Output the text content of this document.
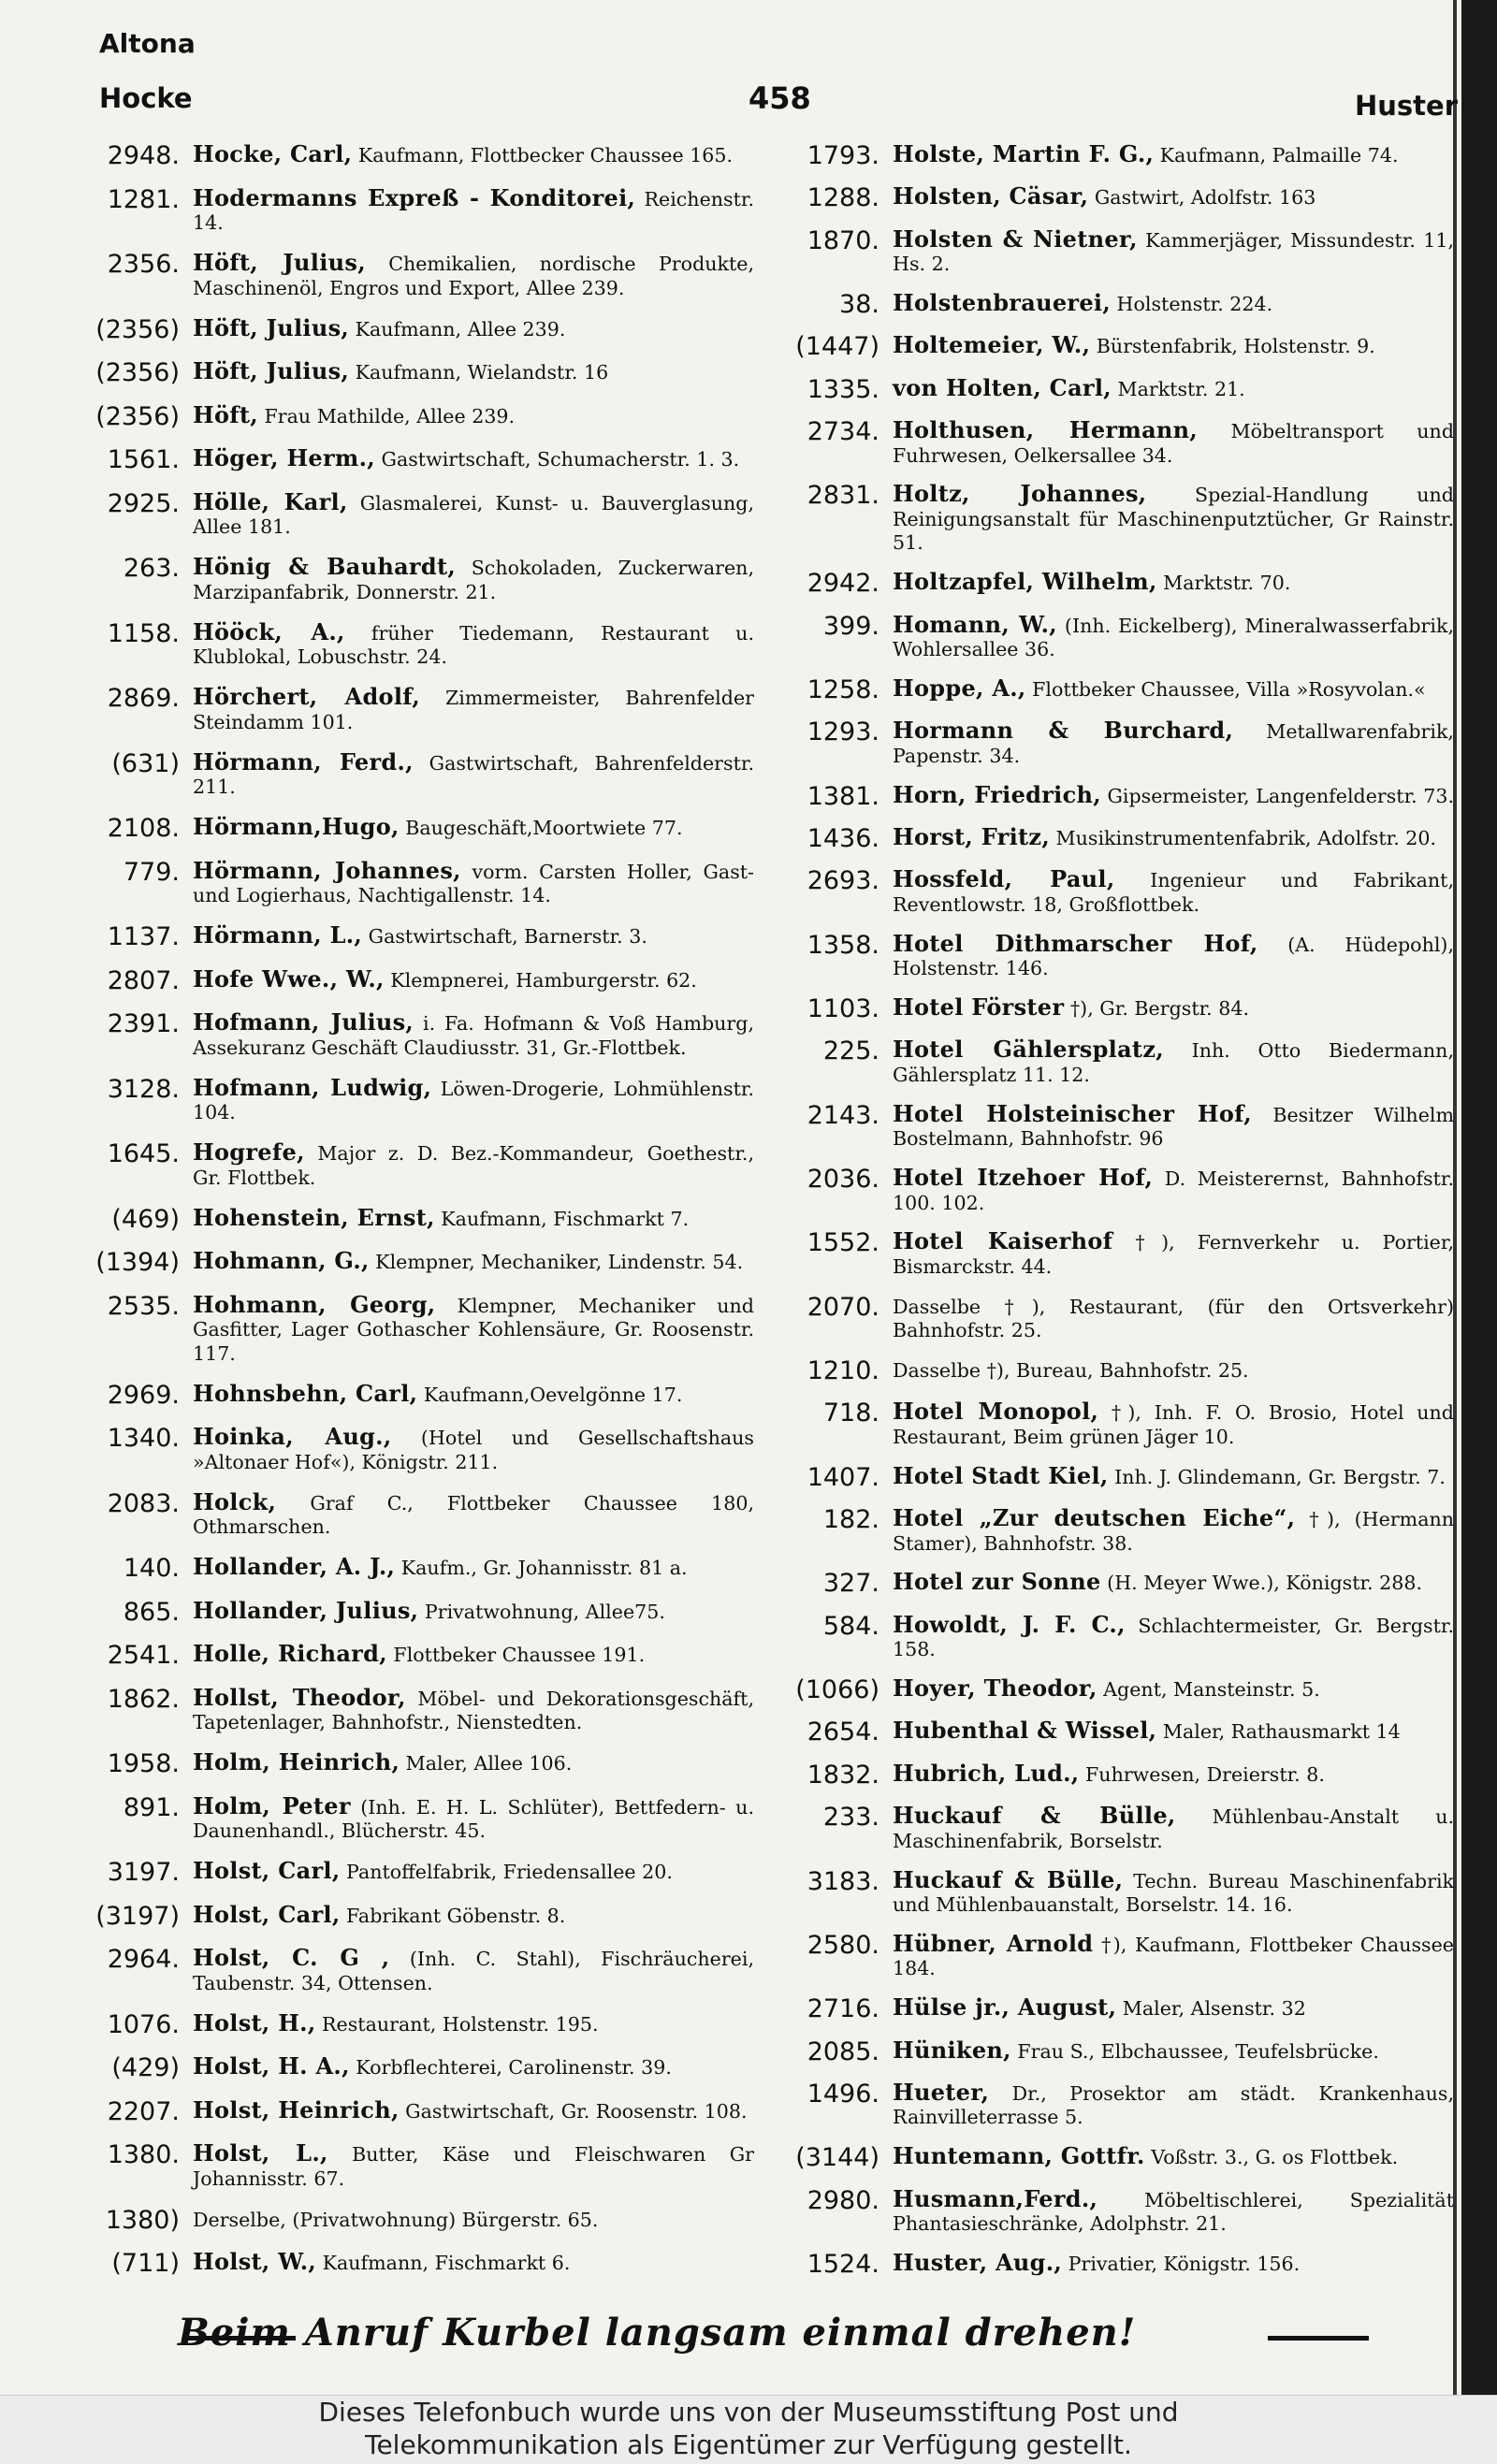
Altona
Hocke	458	Huster
2948. Hocke, Carl, Kaufmann, Flottbecker Chaussee 165.
1281. Hodermanns Expreß - Konditorei, Reichenstr. 14.
2356. Höft, Julius, Chemikalien, nordische Produkte, Maschinenöl, Engros und Export, Allee 239.
(2356) Höft, Julius, Kaufmann, Allee 239.
(2356) Höft, Julius, Kaufmann, Wielandstr. 16
(2356) Höft, Frau Mathilde, Allee 239.
1561. Höger, Herm., Gastwirtschaft, Schumacherstr. 1. 3.
2925. Hölle, Karl, Glasmalerei, Kunst- u. Bauverglasung, Allee 181.
263. Hönig & Bauhardt, Schokoladen, Zuckerwaren, Marzipanfabrik, Donnerstr. 21.
1158. Hööck, A., früher Tiedemann, Restaurant u. Klublokal, Lobuschstr. 24.
2869. Hörchert, Adolf, Zimmermeister, Bahrenfelder Steindamm 101.
(631) Hörmann, Ferd., Gastwirtschaft, Bahrenfelderstr. 211.
2108. Hörmann,Hugo, Baugeschäft,Moortwiete 77.
779. Hörmann, Johannes, vorm. Carsten Holler, Gast- und Logierhaus, Nachtigallenstr. 14.
1137. Hörmann, L., Gastwirtschaft, Barnerstr. 3.
2807. Hofe Wwe., W., Klempnerei, Hamburgerstr. 62.
2391. Hofmann, Julius, i. Fa. Hofmann & Voß Hamburg, Assekuranz Geschäft Claudiusstr. 31, Gr.-Flottbek.
3128. Hofmann, Ludwig, Löwen-Drogerie, Lohmühlenstr. 104.
1645. Hogrefe, Major z. D. Bez.-Kommandeur, Goethestr., Gr. Flottbek.
(469) Hohenstein, Ernst, Kaufmann, Fischmarkt 7.
(1394) Hohmann, G., Klempner, Mechaniker, Lindenstr. 54.
2535. Hohmann, Georg, Klempner, Mechaniker und Gasfitter, Lager Gothascher Kohlensäure, Gr. Roosenstr. 117.
2969. Hohnsbehn, Carl, Kaufmann,Oevelgönne 17.
1340. Hoinka, Aug., (Hotel und Gesellschaftshaus »Altonaer Hof«), Königstr. 211.
2083. Holck, Graf C., Flottbeker Chaussee 180, Othmarschen.
140. Hollander, A. J., Kaufm., Gr. Johannisstr. 81 a.
865. Hollander, Julius, Privatwohnung, Allee75.
2541. Holle, Richard, Flottbeker Chaussee 191.
1862. Hollst, Theodor, Möbel- und Dekorationsgeschäft, Tapetenlager, Bahnhofstr., Nienstedten.
1958. Holm, Heinrich, Maler, Allee 106.
891. Holm, Peter (Inh. E. H. L. Schlüter), Bettfedern- u. Daunenhandl., Blücherstr. 45.
3197. Holst, Carl, Pantoffelfabrik, Friedensallee 20.
(3197) Holst, Carl, Fabrikant Göbenstr. 8.
2964. Holst, C. G , (Inh. C. Stahl), Fischräucherei, Taubenstr. 34, Ottensen.
1076. Holst, H., Restaurant, Holstenstr. 195.
(429) Holst, H. A., Korbflechterei, Carolinenstr. 39.
2207. Holst, Heinrich, Gastwirtschaft, Gr. Roosenstr. 108.
1380. Holst, L., Butter, Käse und Fleischwaren Gr Johannisstr. 67.
1380) Derselbe, (Privatwohnung) Bürgerstr. 65.
(711) Holst, W., Kaufmann, Fischmarkt 6.
1793. Holste, Martin F. G., Kaufmann, Palmaille 74.
1288. Holsten, Cäsar, Gastwirt, Adolfstr. 163
1870. Holsten & Nietner, Kammerjäger, Missundestr. 11, Hs. 2.
38. Holstenbrauerei, Holstenstr. 224.
(1447) Holtemeier, W., Bürstenfabrik, Holstenstr. 9.
1335. von Holten, Carl, Marktstr. 21.
2734. Holthusen, Hermann, Möbeltransport und Fuhrwesen, Oelkersallee 34.
2831. Holtz, Johannes, Spezial-Handlung und Reinigungsanstalt für Maschinenputztücher, Gr Rainstr. 51.
2942. Holtzapfel, Wilhelm, Marktstr. 70.
399. Homann, W., (Inh. Eickelberg), Mineralwasserfabrik, Wohlersallee 36.
1258. Hoppe, A., Flottbeker Chaussee, Villa »Rosyvolan.«
1293. Hormann & Burchard, Metallwarenfabrik, Papenstr. 34.
1381. Horn, Friedrich, Gipsermeister, Langenfelderstr. 73.
1436. Horst, Fritz, Musikinstrumentenfabrik, Adolfstr. 20.
2693. Hossfeld, Paul, Ingenieur und Fabrikant, Reventlowstr. 18, Großflottbek.
1358. Hotel Dithmarscher Hof, (A. Hüdepohl), Holstenstr. 146.
1103. Hotel Förster †), Gr. Bergstr. 84.
225. Hotel Gählersplatz, Inh. Otto Biedermann, Gählersplatz 11. 12.
2143. Hotel Holsteinischer Hof, Besitzer Wilhelm Bostelmann, Bahnhofstr. 96
2036. Hotel Itzehoer Hof, D. Meisterernst, Bahnhofstr. 100. 102.
1552. Hotel Kaiserhof †), Fernverkehr u. Portier, Bismarckstr. 44.
2070. Dasselbe †), Restaurant, (für den Ortsverkehr) Bahnhofstr. 25.
1210. Dasselbe †), Bureau, Bahnhofstr. 25.
718. Hotel Monopol, †), Inh. F. O. Brosio, Hotel und Restaurant, Beim grünen Jäger 10.
1407. Hotel Stadt Kiel, Inh. J. Glindemann, Gr. Bergstr. 7.
182. Hotel „Zur deutschen Eiche“, †), (Hermann Stamer), Bahnhofstr. 38.
327. Hotel zur Sonne (H. Meyer Wwe.), Königstr. 288.
584. Howoldt, J. F. C., Schlachtermeister, Gr. Bergstr. 158.
(1066) Hoyer, Theodor, Agent, Mansteinstr. 5.
2654. Hubenthal & Wissel, Maler, Rathausmarkt 14
1832. Hubrich, Lud., Fuhrwesen, Dreierstr. 8.
233. Huckauf & Bülle, Mühlenbau-Anstalt u. Maschinenfabrik, Borselstr.
3183. Huckauf & Bülle, Techn. Bureau Maschinenfabrik und Mühlenbauanstalt, Borselstr. 14. 16.
2580. Hübner, Arnold †), Kaufmann, Flottbeker Chaussee 184.
2716. Hülse jr., August, Maler, Alsenstr. 32
2085. Hüniken, Frau S., Elbchaussee, Teufelsbrücke.
1496. Hueter, Dr., Prosektor am städt. Krankenhaus, Rainvilleterrasse 5.
(3144) Huntemann, Gottfr. Voßstr. 3., G. os Flottbek.
2980. Husmann,Ferd., Möbeltischlerei, Spezialität Phantasieschränke, Adolphstr. 21.
1524. Huster, Aug., Privatier, Königstr. 156.
Beim Anruf Kurbel langsam einmal drehen!
Dieses Telefonbuch wurde uns von der Museumsstiftung Post und
Telekommunikation als Eigentümer zur Verfügung gestellt.
